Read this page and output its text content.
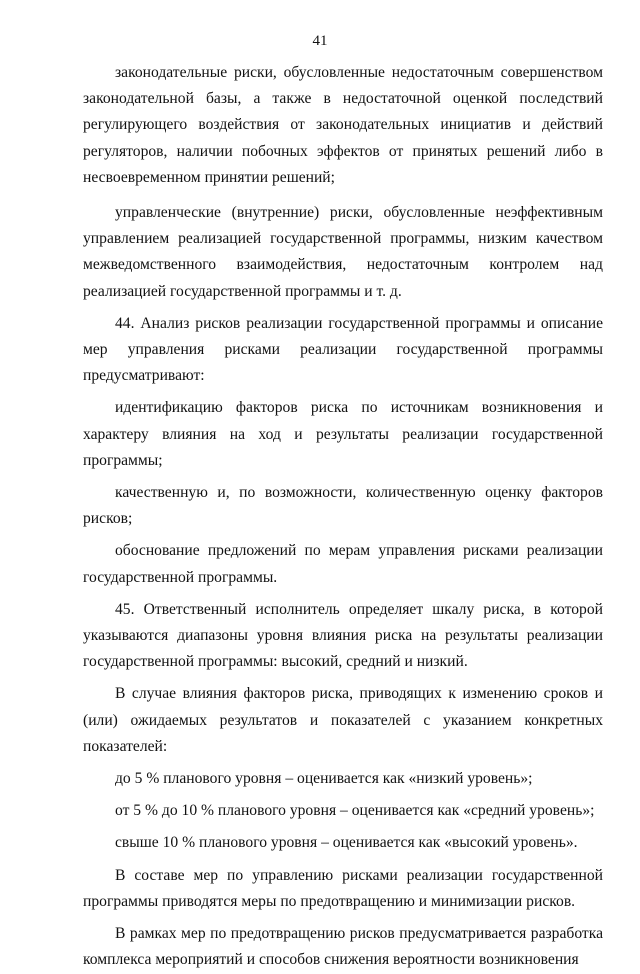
41

законодательные риски, обусловленные недостаточным совершенством законодательной базы, а также в недостаточной оценкой последствий регулирующего воздействия от законодательных инициатив и действий регуляторов, наличии побочных эффектов от принятых решений либо в несвоевременном принятии решений;

управленческие (внутренние) риски, обусловленные неэффективным управлением реализацией государственной программы, низким качеством межведомственного взаимодействия, недостаточным контролем над реализацией государственной программы и т. д.

44. Анализ рисков реализации государственной программы и описание мер управления рисками реализации государственной программы предусматривают:

идентификацию факторов риска по источникам возникновения и характеру влияния на ход и результаты реализации государственной программы;

качественную и, по возможности, количественную оценку факторов рисков;

обоснование предложений по мерам управления рисками реализации государственной программы.

45. Ответственный исполнитель определяет шкалу риска, в которой указываются диапазоны уровня влияния риска на результаты реализации государственной программы: высокий, средний и низкий.

В случае влияния факторов риска, приводящих к изменению сроков и (или) ожидаемых результатов и показателей с указанием конкретных показателей:

до 5 % планового уровня – оценивается как «низкий уровень»;

от 5 % до 10 % планового уровня – оценивается как «средний уровень»;

свыше 10 % планового уровня – оценивается как «высокий уровень».

В составе мер по управлению рисками реализации государственной программы приводятся меры по предотвращению и минимизации рисков.

В рамках мер по предотвращению рисков предусматривается разработка комплекса мероприятий и способов снижения вероятности возникновения
